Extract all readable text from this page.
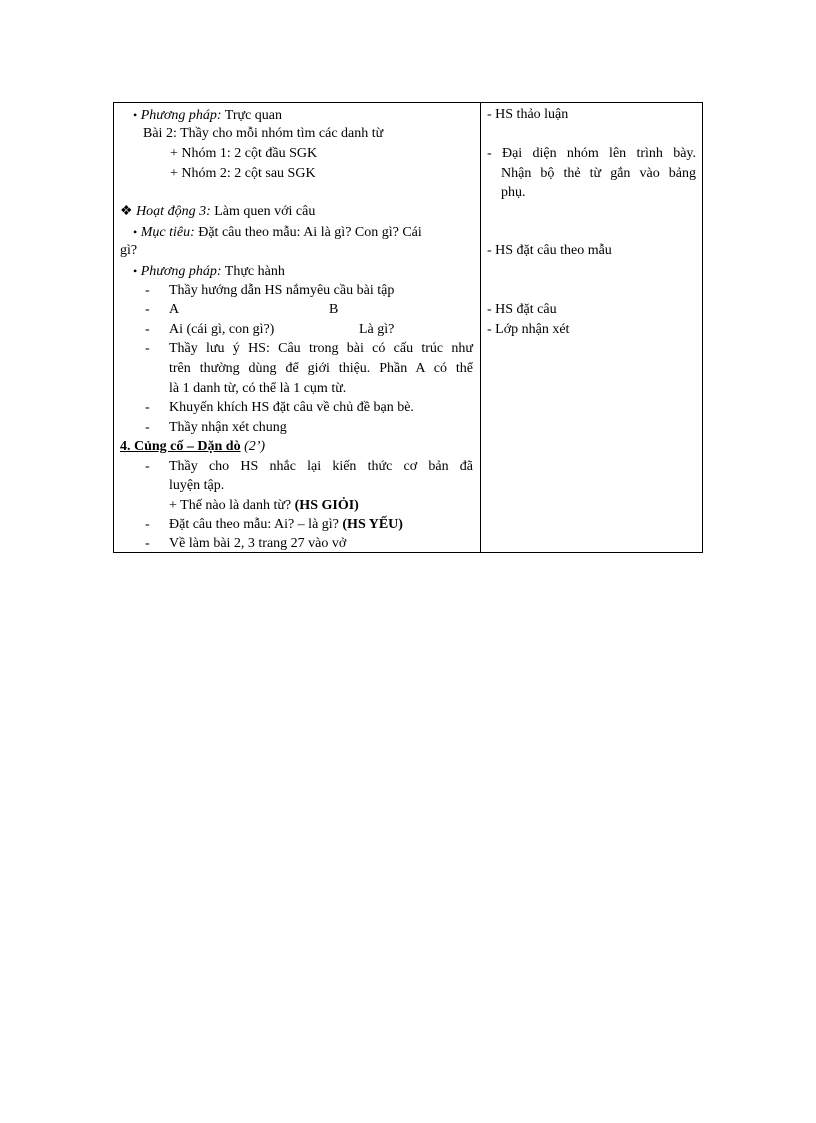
• Phương pháp: Trực quan
Bài 2: Thầy cho mỗi nhóm tìm các danh từ
+ Nhóm 1: 2 cột đầu SGK
+ Nhóm 2: 2 cột sau SGK
❖ Hoạt động 3: Làm quen với câu
• Mục tiêu: Đặt câu theo mẫu: Ai là gì? Con gì? Cái
gì?
• Phương pháp: Thực hành
- Thầy hướng dẫn HS nắmyêu cầu bài tập
- A	B
- Ai (cái gì, con gì?)	Là gì?
- Thầy lưu ý HS: Câu trong bài có cấu trúc như
trên thường dùng để giới thiệu. Phần A có thể
là 1 danh từ, có thể là 1 cụm từ.
- Khuyến khích HS đặt câu về chủ đề bạn bè.
- Thầy nhận xét chung
4. Củng cố – Dặn dò (2’)
- Thầy cho HS nhắc lại kiến thức cơ bản đã
luyện tập.
+ Thế nào là danh từ? (HS GIỎI)
- Đặt câu theo mẫu: Ai? – là gì? (HS YẾU)
- Về làm bài 2, 3 trang 27 vào vở
- HS thảo luận
- Đại diện nhóm lên trình bày.
Nhận bộ thẻ từ gắn vào bảng
phụ.
- HS đặt câu theo mẫu
- HS đặt câu
- Lớp nhận xét
